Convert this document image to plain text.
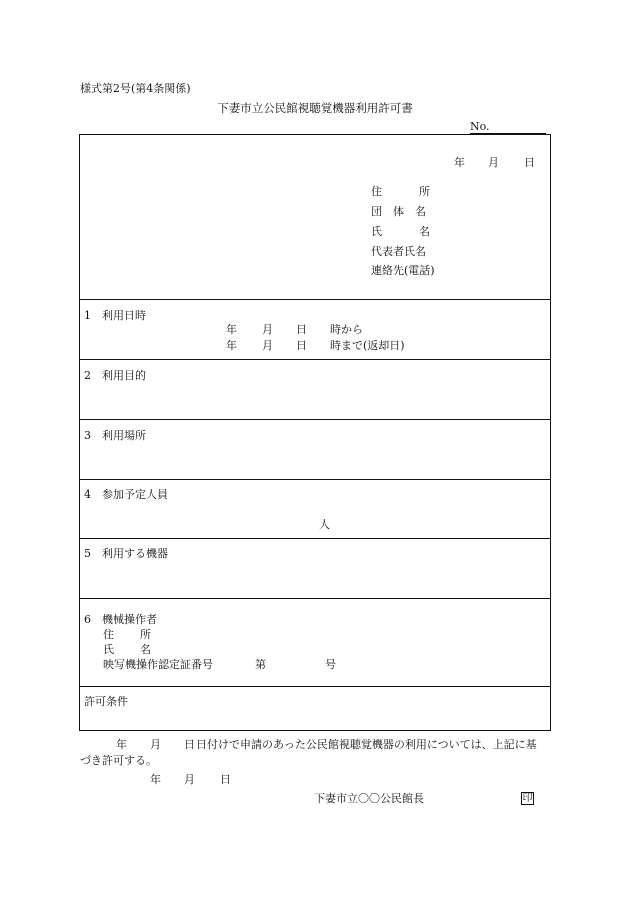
様式第2号(第4条関係)
下妻市立公民館視聴覚機器利用許可書
No.
年 月 日
住	所
団 体 名
氏	名
代表者氏名
連絡先(電話)
1　利用日時
年 月 日 時から
年 月 日 時まで(返却日)
2　利用目的
3　利用場所
4　参加予定人員
人
5　利用する機器
6　機械操作者
住 所
氏 名
映写機操作認定証番号	第	号
許可条件
年 月 日 日付けで申請のあった公民館視聴覚機器の利用については、上記に基
づき許可する。
年 月 日
下妻市立〇〇公民館長	印
